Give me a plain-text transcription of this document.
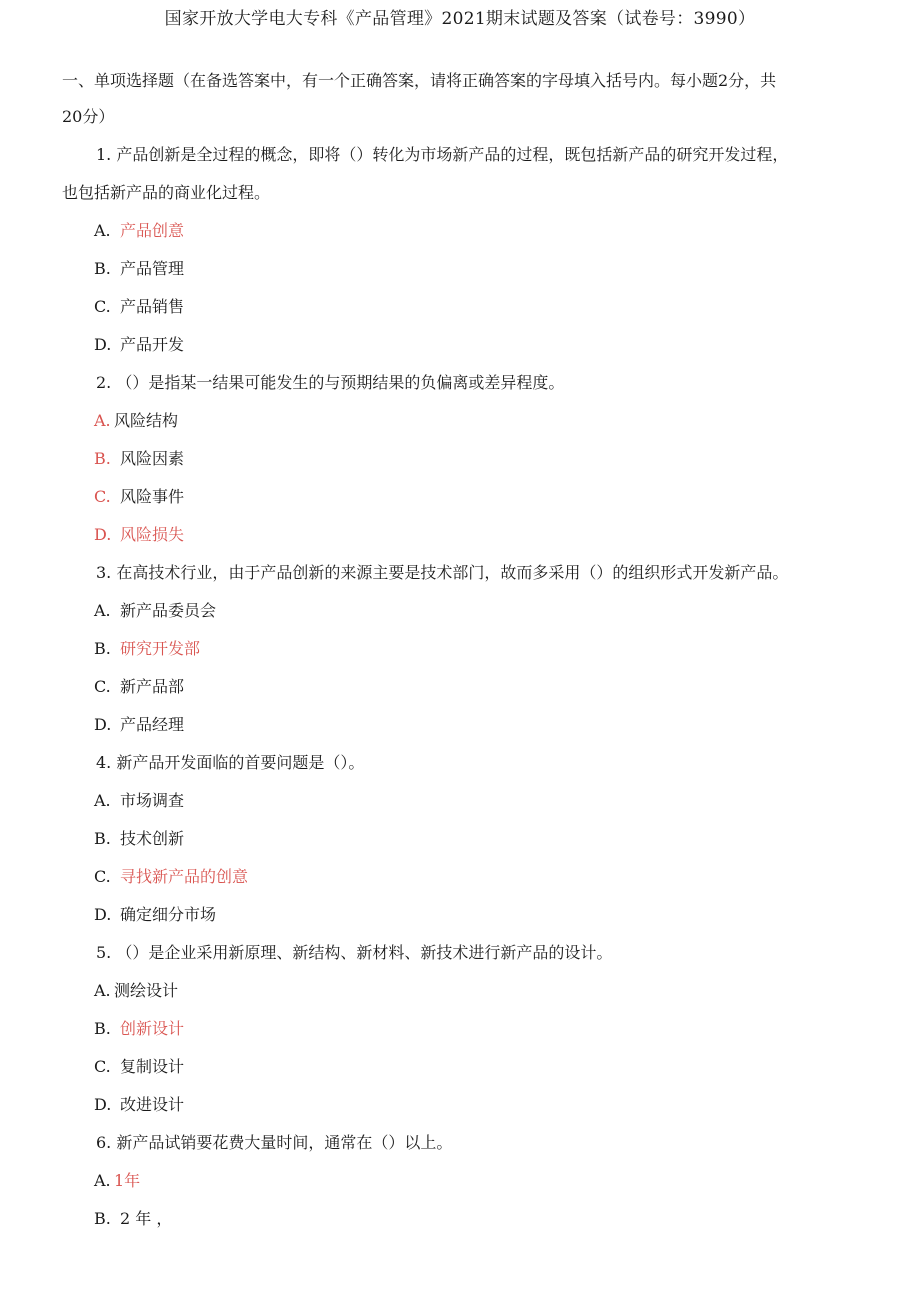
国家开放大学电大专科《产品管理》2021期末试题及答案（试卷号：3990）
一、单项选择题（在备选答案中，有一个正确答案，请将正确答案的字母填入括号内。每小题2分，共
20分）
1. 产品创新是全过程的概念，即将（）转化为市场新产品的过程，既包括新产品的研究开发过程，
也包括新产品的商业化过程。
A. 产品创意
B. 产品管理
C. 产品销售
D. 产品开发
2. （）是指某一结果可能发生的与预期结果的负偏离或差异程度。
A. 风险结构
B. 风险因素
C. 风险事件
D. 风险损失
3. 在高技术行业，由于产品创新的来源主要是技术部门，故而多采用（）的组织形式开发新产品。
A. 新产品委员会
B. 研究开发部
C. 新产品部
D. 产品经理
4. 新产品开发面临的首要问题是（）。
A. 市场调查
B. 技术创新
C. 寻找新产品的创意
D. 确定细分市场
5. （）是企业采用新原理、新结构、新材料、新技术进行新产品的设计。
A. 测绘设计
B. 创新设计
C. 复制设计
D. 改进设计
6. 新产品试销要花费大量时间，通常在（）以上。
A. 1年
B. 2 年 ，
